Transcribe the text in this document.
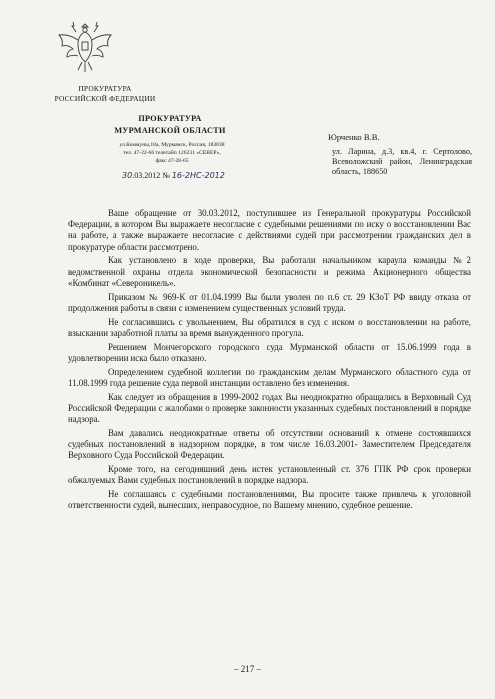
ПРОКУРАТУРА
РОССИЙСКОЙ ФЕДЕРАЦИИ
ПРОКУРАТУРА
МУРМАНСКОЙ ОБЛАСТИ
ул.Коммуны,18а, Мурманск, Россия, 183038
тел. 47-22-66 телетайп 126231 «СЕВЕР»,
факс 47-28-65
30.03.2012 № 16-2НС-2012
Юрченко В.В.
ул. Ларина, д.3, кв.4, г. Сертолово, Всеволожский район, Ленинградская область, 188650

Ваше обращение от 30.03.2012, поступившее из Генеральной прокуратуры Российской Федерации, в котором Вы выражаете несогласие с судебными решениями по иску о восстановлении Вас на работе, а также выражаете несогласие с действиями судей при рассмотрении гражданских дел в прокуратуре области рассмотрено.

Как установлено в ходе проверки, Вы работали начальником караула команды №2 ведомственной охраны отдела экономической безопасности и режима Акционерного общества «Комбинат «Североникель».

Приказом № 969-К от 01.04.1999 Вы были уволен по п.6 ст. 29 КЗоТ РФ ввиду отказа от продолжения работы в связи с изменением существенных условий труда.

Не согласившись с увольнением, Вы обратился в суд с иском о восстановлении на работе, взыскании заработной платы за время вынужденного прогула.

Решением Мончегорского городского суда Мурманской области от 15.06.1999 года в удовлетворении иска было отказано.

Определением судебной коллегии по гражданским делам Мурманского областного суда от 11.08.1999 года решение суда первой инстанции оставлено без изменения.

Как следует из обращения в 1999-2002 годах Вы неоднократно обращались в Верховный Суд Российской Федерации с жалобами о проверке законности указанных судебных постановлений в порядке надзора.

Вам давались неоднократные ответы об отсутствии оснований к отмене состоявшихся судебных постановлений в надзорном порядке, в том числе 16.03.2001- Заместителем Председателя Верховного Суда Российской Федерации.

Кроме того, на сегодняшний день истек установленный ст. 376 ГПК РФ срок проверки обжалуемых Вами судебных постановлений в порядке надзора.

Не соглашаясь с судебными постановлениями, Вы просите также привлечь к уголовной ответственности судей, вынесших, неправосудное, по Вашему мнению, судебное решение.

– 217 –
